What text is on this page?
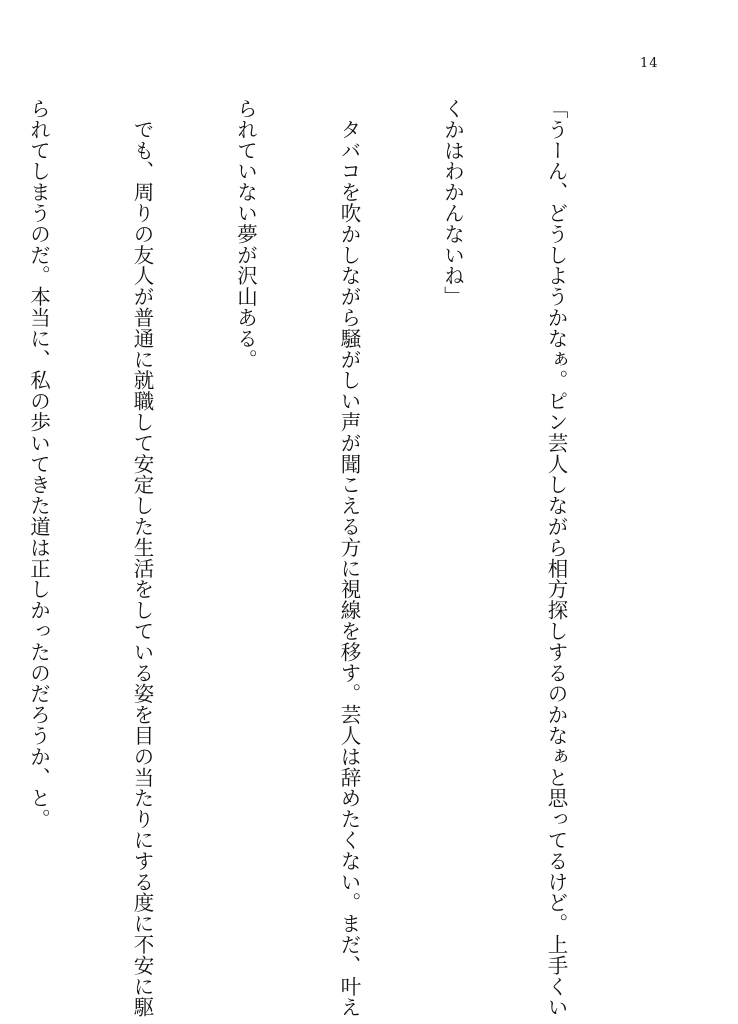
14

「うーん、どうしようかなぁ。ピン芸人しながら相方探しするのかなぁと思ってるけど。上手くい

くかはわかんないね」

　タバコを吹かしながら騒がしい声が聞こえる方に視線を移す。芸人は辞めたくない。まだ、叶え

られていない夢が沢山ある。

　でも、周りの友人が普通に就職して安定した生活をしている姿を目の当たりにする度に不安に駆

られてしまうのだ。本当に、私の歩いてきた道は正しかったのだろうか、と。
